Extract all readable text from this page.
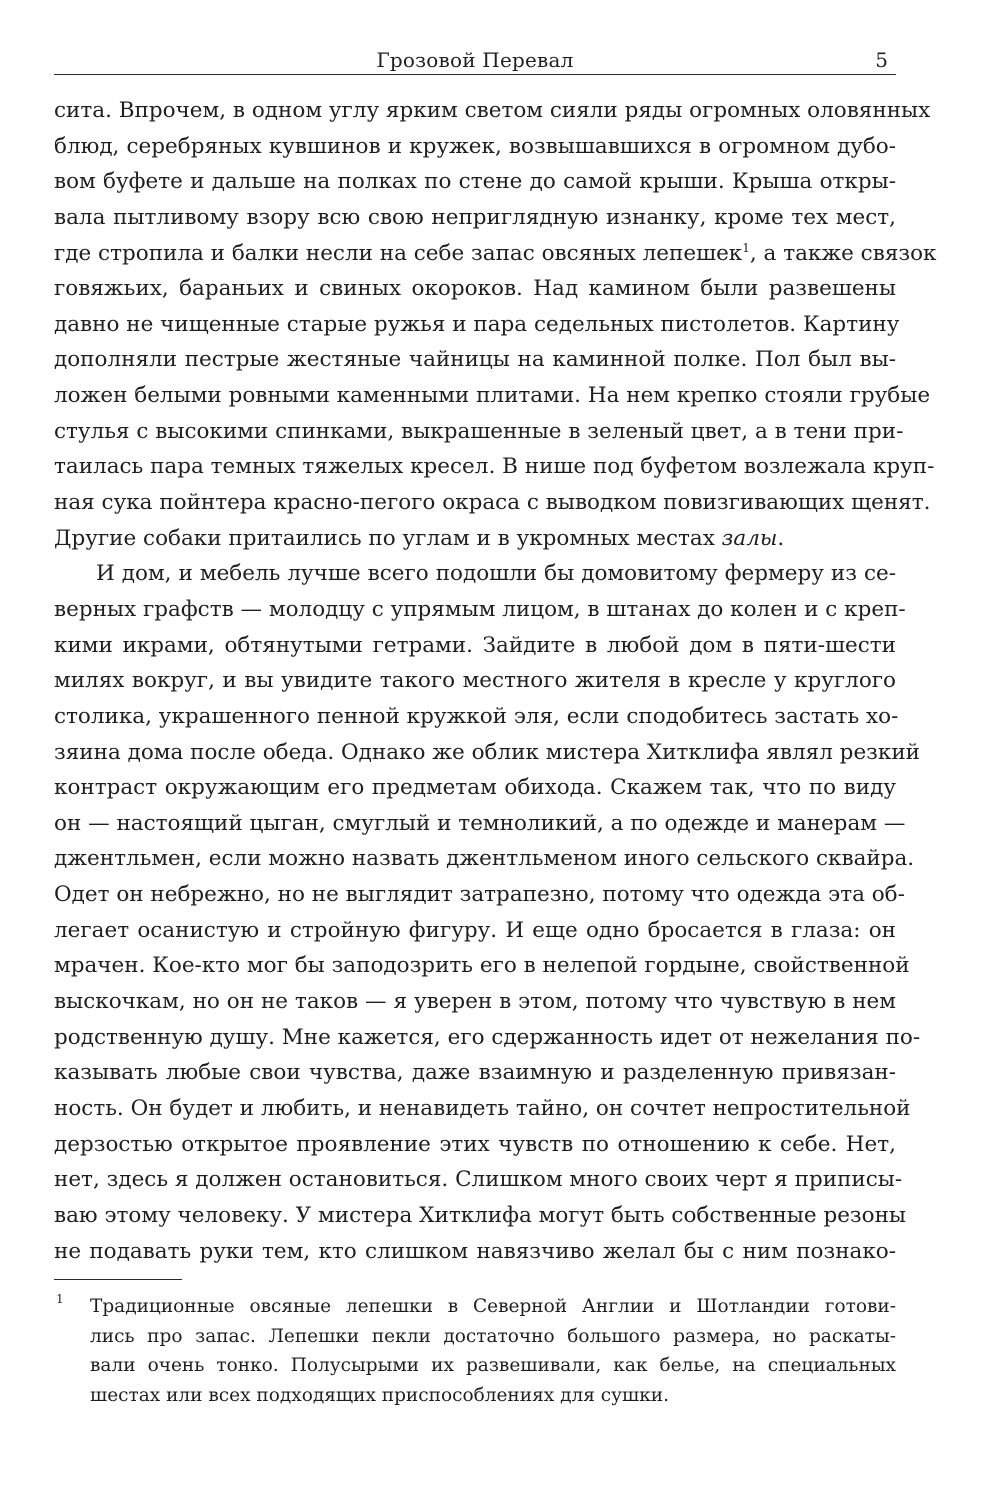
Грозовой Перевал	5
сита. Впрочем, в одном углу ярким светом сияли ряды огромных оловянных
блюд, серебряных кувшинов и кружек, возвышавшихся в огромном дубо-
вом буфете и дальше на полках по стене до самой крыши. Крыша откры-
вала пытливому взору всю свою неприглядную изнанку, кроме тех мест,
где стропила и балки несли на себе запас овсяных лепешек$^1$, а также связок
говяжьих, бараньих и свиных окороков. Над камином были развешены
давно не чищенные старые ружья и пара седельных пистолетов. Картину
дополняли пестрые жестяные чайницы на каминной полке. Пол был вы-
ложен белыми ровными каменными плитами. На нем крепко стояли грубые
стулья с высокими спинками, выкрашенные в зеленый цвет, а в тени при-
таилась пара темных тяжелых кресел. В нише под буфетом возлежала круп-
ная сука пойнтера красно-пегого окраса с выводком повизгивающих щенят.
Другие собаки притаились по углам и в укромных местах залы.
И дом, и мебель лучше всего подошли бы домовитому фермеру из се-
верных графств — молодцу с упрямым лицом, в штанах до колен и с креп-
кими икрами, обтянутыми гетрами. Зайдите в любой дом в пяти-шести
милях вокруг, и вы увидите такого местного жителя в кресле у круглого
столика, украшенного пенной кружкой эля, если сподобитесь застать хо-
зяина дома после обеда. Однако же облик мистера Хитклифа являл резкий
контраст окружающим его предметам обихода. Скажем так, что по виду
он — настоящий цыган, смуглый и темноликий, а по одежде и манерам —
джентльмен, если можно назвать джентльменом иного сельского сквайра.
Одет он небрежно, но не выглядит затрапезно, потому что одежда эта об-
легает осанистую и стройную фигуру. И еще одно бросается в глаза: он
мрачен. Кое-кто мог бы заподозрить его в нелепой гордыне, свойственной
выскочкам, но он не таков — я уверен в этом, потому что чувствую в нем
родственную душу. Мне кажется, его сдержанность идет от нежелания по-
казывать любые свои чувства, даже взаимную и разделенную привязан-
ность. Он будет и любить, и ненавидеть тайно, он сочтет непростительной
дерзостью открытое проявление этих чувств по отношению к себе. Нет,
нет, здесь я должен остановиться. Слишком много своих черт я приписы-
ваю этому человеку. У мистера Хитклифа могут быть собственные резоны
не подавать руки тем, кто слишком навязчиво желал бы с ним познако-
1 Традиционные овсяные лепешки в Северной Англии и Шотландии готови-
лись про запас. Лепешки пекли достаточно большого размера, но раскаты-
вали очень тонко. Полусырыми их развешивали, как белье, на специальных
шестах или всех подходящих приспособлениях для сушки.
